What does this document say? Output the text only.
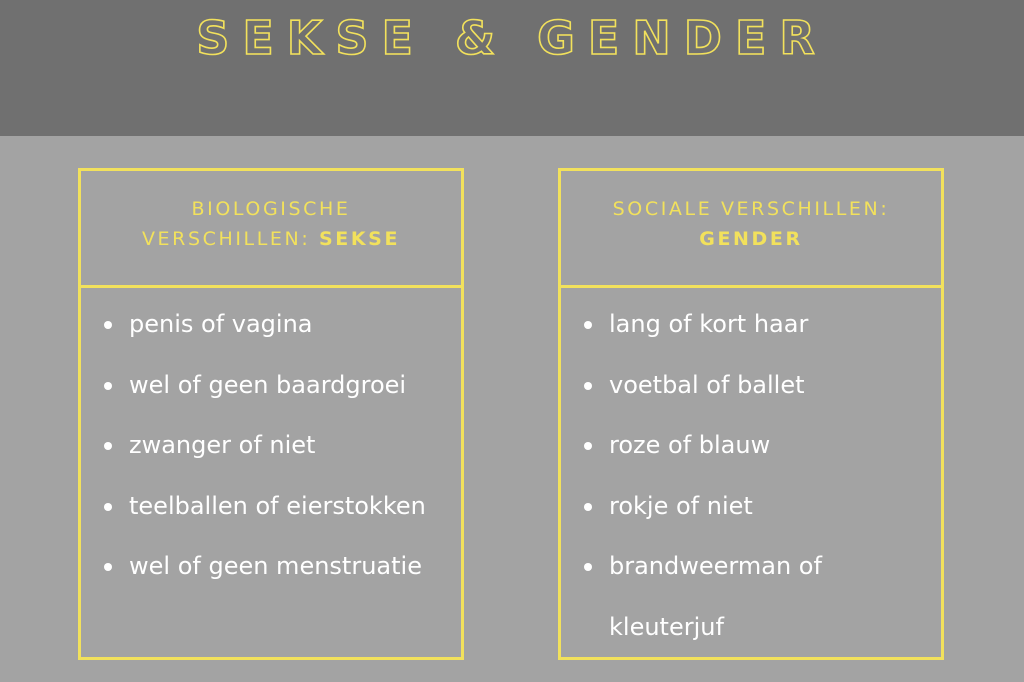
SEKSE & GENDER
BIOLOGISCHE
VERSCHILLEN: SEKSE
penis of vagina
wel of geen baardgroei
zwanger of niet
teelballen of eierstokken
wel of geen menstruatie
SOCIALE VERSCHILLEN:
GENDER
lang of kort haar
voetbal of ballet
roze of blauw
rokje of niet
brandweerman of kleuterjuf
